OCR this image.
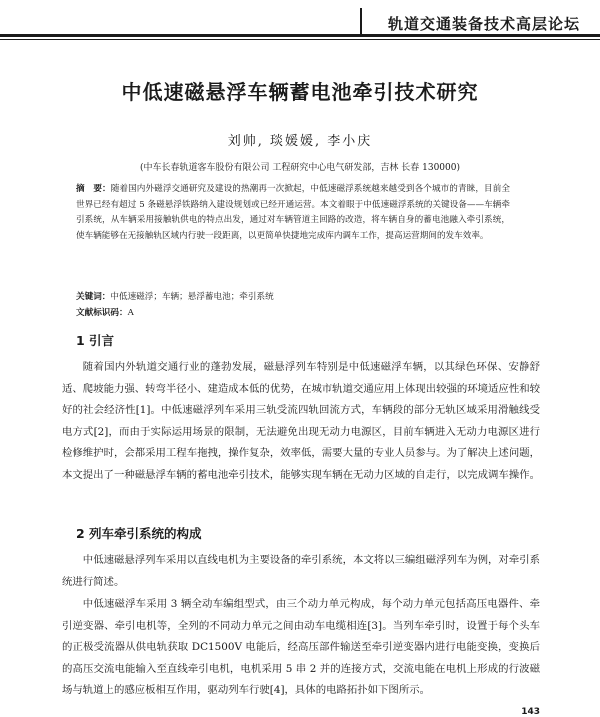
轨道交通装备技术高层论坛
中低速磁悬浮车辆蓄电池牵引技术研究
刘帅, 琰媛媛, 李小庆
(中车长春轨道客车股份有限公司 工程研究中心电气研发部，吉林 长春 130000)
摘　要：随着国内外磁浮交通研究及建设的热潮再一次掀起，中低速磁浮系统越来越受到各个城市的青睐，目前全世界已经有超过 5 条磁悬浮铁路纳入建设规划或已经开通运营。本文着眼于中低速磁浮系统的关键设备——车辆牵引系统，从车辆采用接触轨供电的特点出发，通过对车辆管道主回路的改造，将车辆自身的蓄电池融入牵引系统，使车辆能够在无接触轨区域内行驶一段距离，以更简单快捷地完成库内调车工作，提高运营期间的发车效率。
关键词：中低速磁浮；车辆；悬浮蓄电池；牵引系统
文献标识码：A
1 引言
随着国内外轨道交通行业的蓬勃发展，磁悬浮列车特别是中低速磁浮车辆，以其绿色环保、安静舒适、爬坡能力强、转弯半径小、建造成本低的优势，在城市轨道交通应用上体现出较强的环境适应性和较好的社会经济性[1]。中低速磁浮列车采用三轨受流四轨回流方式，车辆段的部分无轨区域采用滑触线受电方式[2]，而由于实际运用场景的限制，无法避免出现无动力电源区，目前车辆进入无动力电源区进行检修维护时，会都采用工程车拖拽，操作复杂，效率低，需要大量的专业人员参与。为了解决上述问题，本文提出了一种磁悬浮车辆的蓄电池牵引技术，能够实现车辆在无动力区域的自走行，以完成调车操作。
2 列车牵引系统的构成
中低速磁悬浮列车采用以直线电机为主要设备的牵引系统，本文将以三编组磁浮列车为例，对牵引系统进行简述。
中低速磁浮车采用 3 辆全动车编组型式，由三个动力单元构成，每个动力单元包括高压电器件、牵引逆变器、牵引电机等，全列的不同动力单元之间由动车电缆相连[3]。当列车牵引时，设置于每个头车的正极受流器从供电轨获取 DC1500V 电能后，经高压部件输送至牵引逆变器内进行电能变换，变换后的高压交流电能输入至直线牵引电机，电机采用 5 串 2 并的连接方式，交流电能在电机上形成的行波磁场与轨道上的感应板相互作用，驱动列车行驶[4]，具体的电路拓扑如下图所示。
143
